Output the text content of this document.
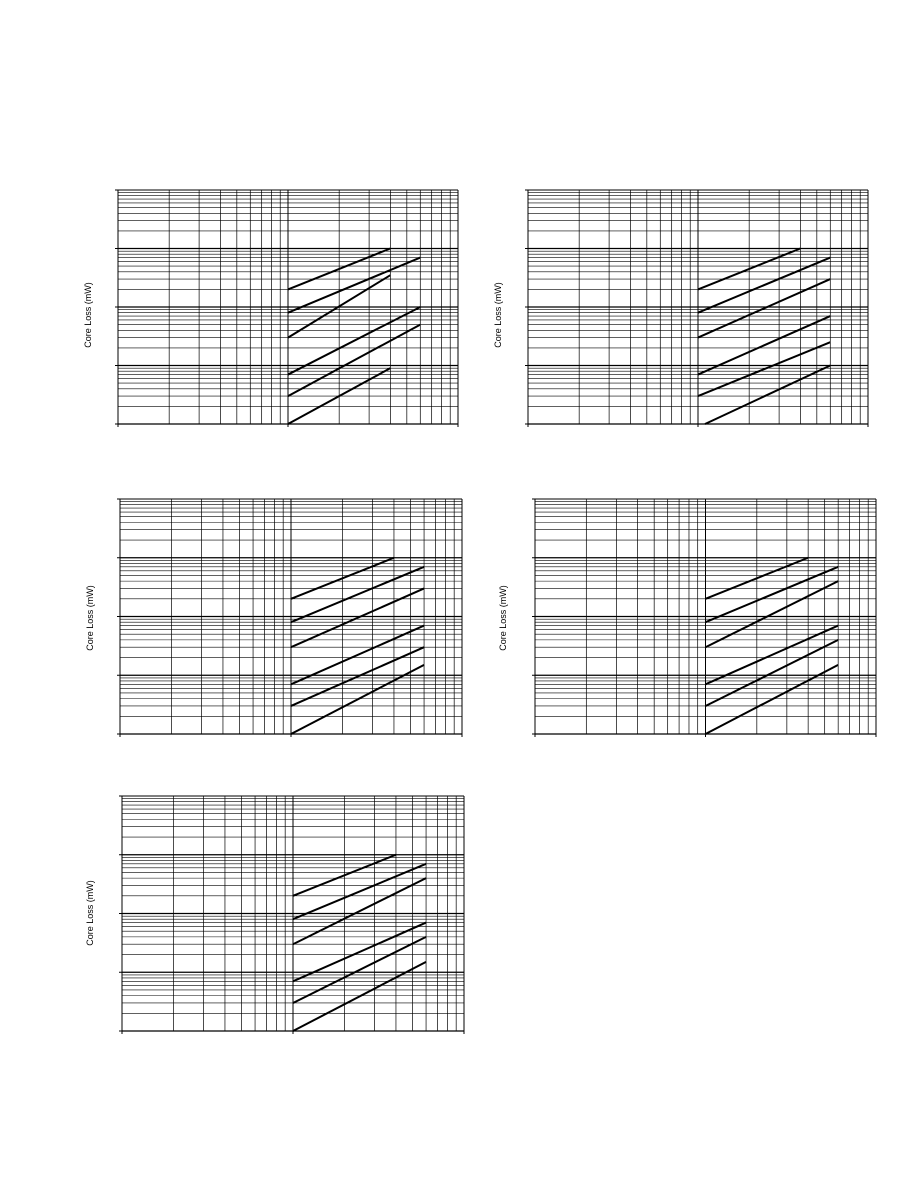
Core Loss (mW)	Core Loss (mW)
Core Loss (mW)	Core Loss (mW)
Core Loss (mW)
